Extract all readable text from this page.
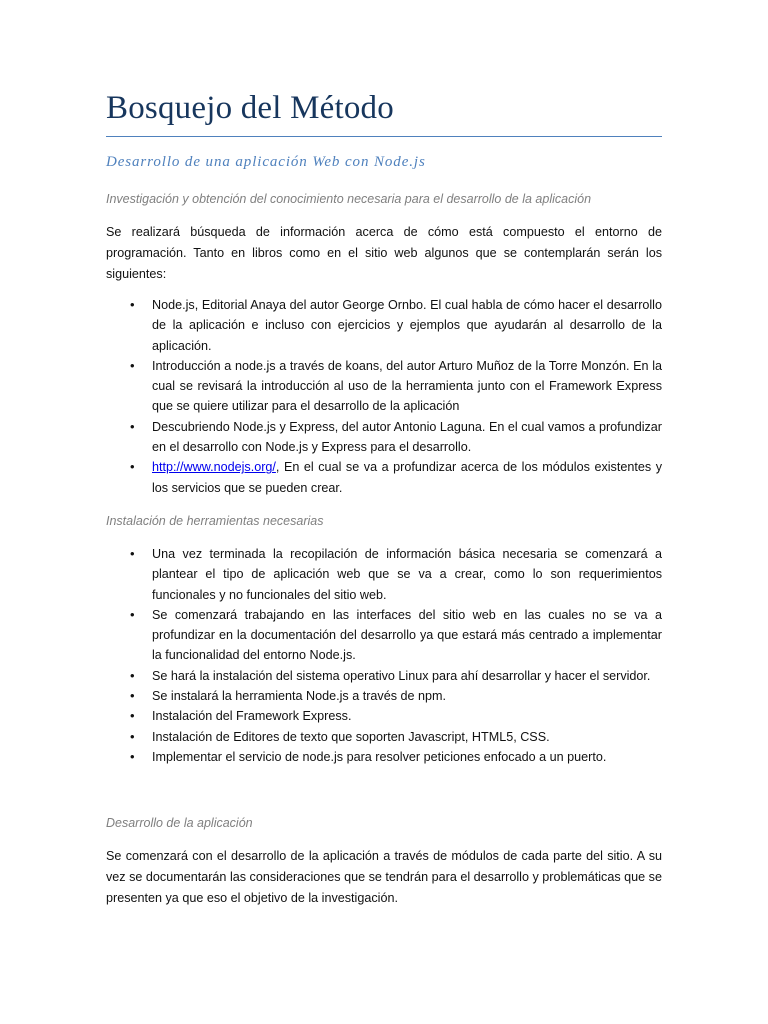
Bosquejo del Método
Desarrollo de una aplicación Web con Node.js
Investigación y obtención del conocimiento necesaria para el desarrollo de la aplicación

Se realizará búsqueda de información acerca de cómo está compuesto el entorno de programación. Tanto en libros como en el sitio web algunos que se contemplarán serán los siguientes:

• Node.js, Editorial Anaya del autor George Ornbo. El cual habla de cómo hacer el desarrollo de la aplicación e incluso con ejercicios y ejemplos que ayudarán al desarrollo de la aplicación.
• Introducción a node.js a través de koans, del autor Arturo Muñoz de la Torre Monzón. En la cual se revisará la introducción al uso de la herramienta junto con el Framework Express que se quiere utilizar para el desarrollo de la aplicación
• Descubriendo Node.js y Express, del autor Antonio Laguna. En el cual vamos a profundizar en el desarrollo con Node.js y Express para el desarrollo.
• http://www.nodejs.org/, En el cual se va a profundizar acerca de los módulos existentes y los servicios que se pueden crear.
Instalación de herramientas necesarias
• Una vez terminada la recopilación de información básica necesaria se comenzará a plantear el tipo de aplicación web que se va a crear, como lo son requerimientos funcionales y no funcionales del sitio web.
• Se comenzará trabajando en las interfaces del sitio web en las cuales no se va a profundizar en la documentación del desarrollo ya que estará más centrado a implementar la funcionalidad del entorno Node.js.
• Se hará la instalación del sistema operativo Linux para ahí desarrollar y hacer el servidor.
• Se instalará la herramienta Node.js a través de npm.
• Instalación del Framework Express.
• Instalación de Editores de texto que soporten Javascript, HTML5, CSS.
• Implementar el servicio de node.js para resolver peticiones enfocado a un puerto.
Desarrollo de la aplicación

Se comenzará con el desarrollo de la aplicación a través de módulos de cada parte del sitio. A su vez se documentarán las consideraciones que se tendrán para el desarrollo y problemáticas que se presenten ya que eso el objetivo de la investigación.
